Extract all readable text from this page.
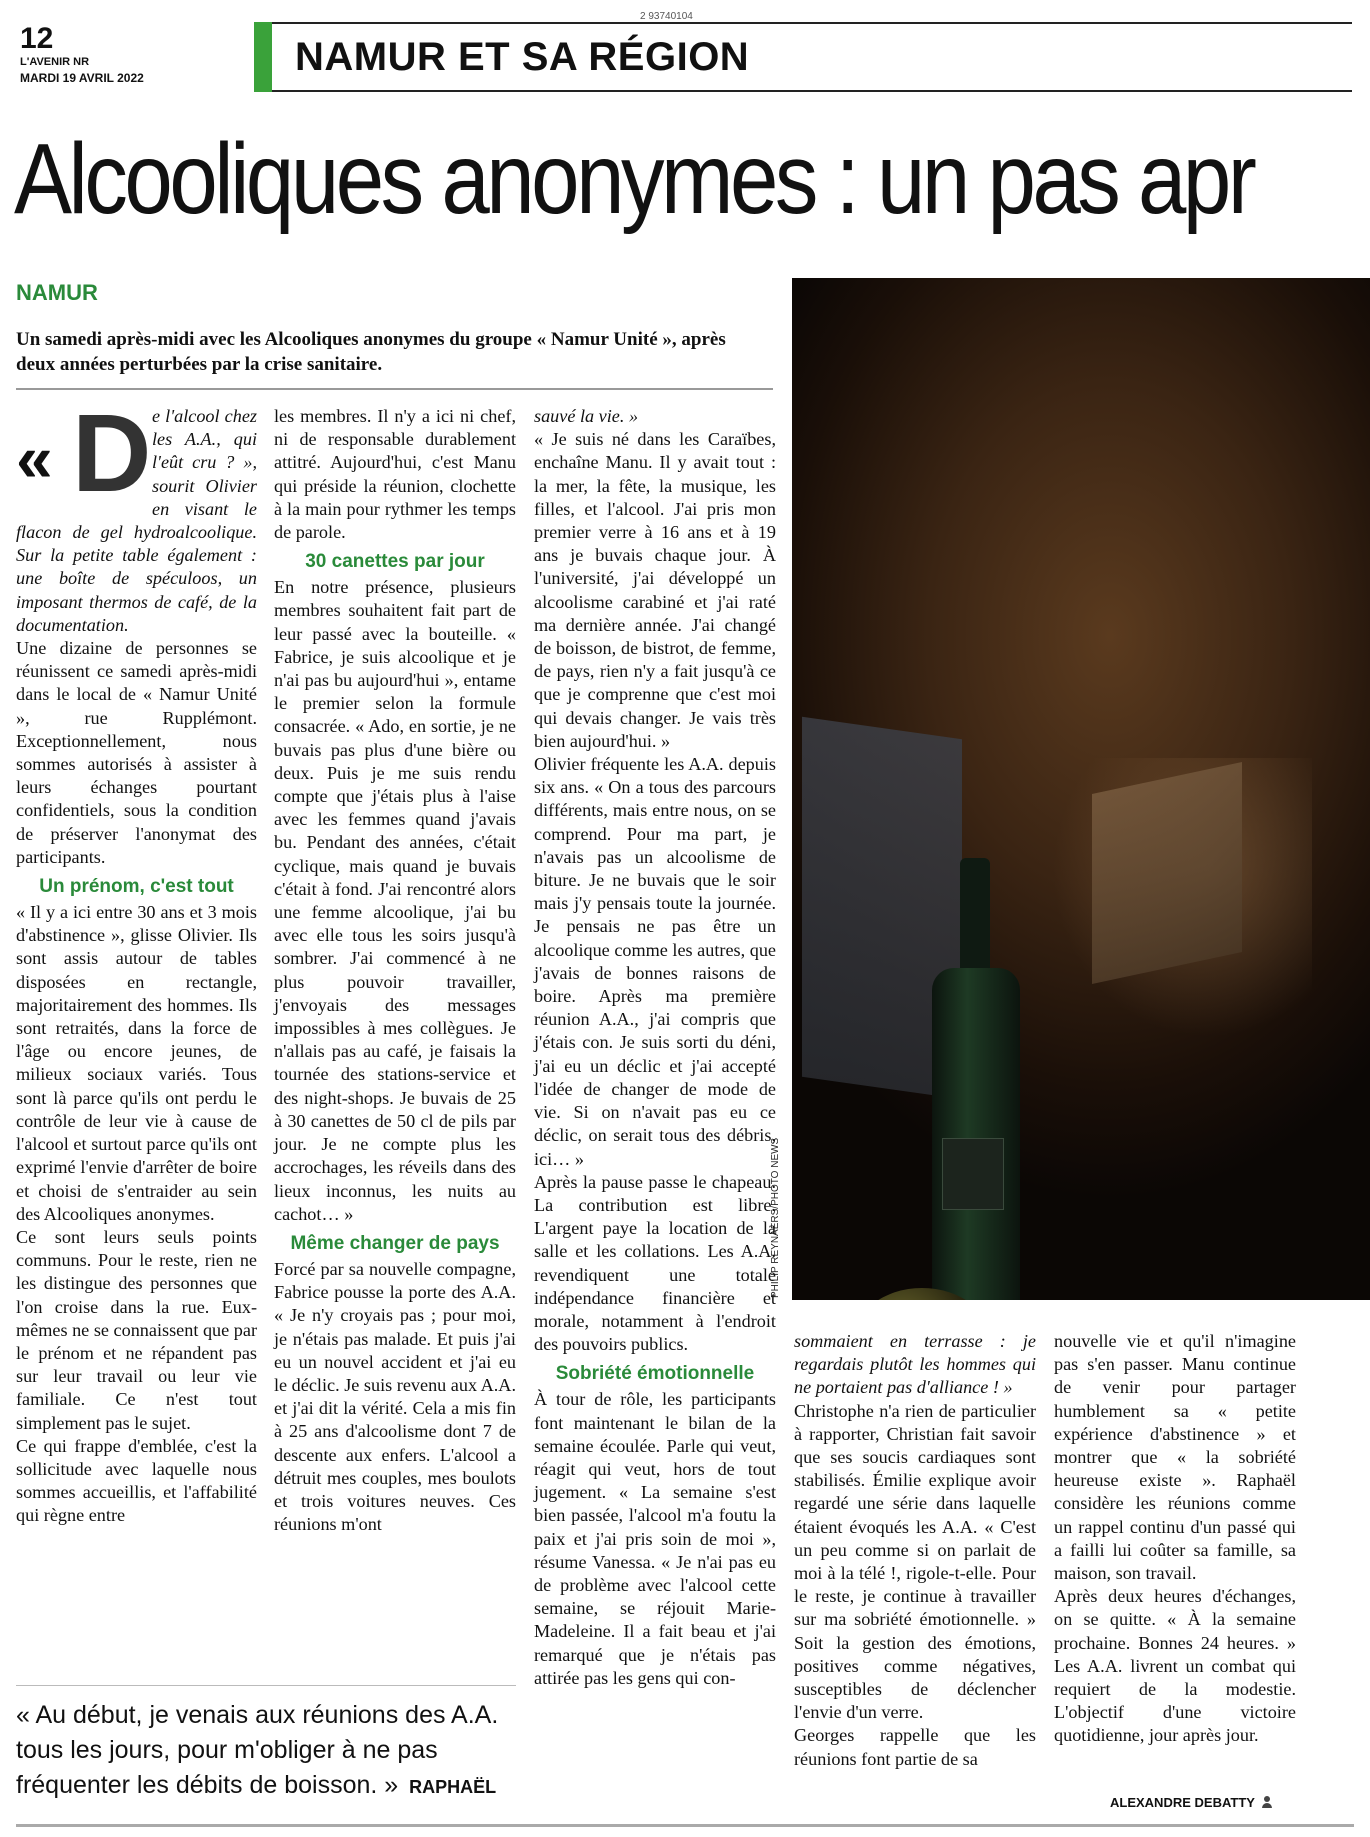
2 93740104
12
L'AVENIR NR
MARDI 19 AVRIL 2022	NAMUR ET SA RÉGION
Alcooliques anonymes : un pas apr
NAMUR
Un samedi après-midi avec les Alcooliques anonymes du groupe « Namur Unité », après deux années perturbées par la crise sanitaire.
PHILIP REYNAERS/PHOTO NEWS
« D e l'alcool chez les A.A., qui l'eût cru ? », sourit Olivier en visant le flacon de gel hydroalcoolique. Sur la petite table également : une boîte de spéculoos, un imposant thermos de café, de la documentation.

Une dizaine de personnes se réunissent ce samedi après-midi dans le local de « Namur Unité », rue Rupplémont. Exceptionnellement, nous sommes autorisés à assister à leurs échanges pourtant confidentiels, sous la condition de préserver l'anonymat des participants.

Un prénom, c'est tout

« Il y a ici entre 30 ans et 3 mois d'abstinence », glisse Olivier. Ils sont assis autour de tables disposées en rectangle, majoritairement des hommes. Ils sont retraités, dans la force de l'âge ou encore jeunes, de milieux sociaux variés. Tous sont là parce qu'ils ont perdu le contrôle de leur vie à cause de l'alcool et surtout parce qu'ils ont exprimé l'envie d'arrêter de boire et choisi de s'entraider au sein des Alcooliques anonymes.

Ce sont leurs seuls points communs. Pour le reste, rien ne les distingue des personnes que l'on croise dans la rue. Eux-mêmes ne se connaissent que par le prénom et ne répandent pas sur leur travail ou leur vie familiale. Ce n'est tout simplement pas le sujet.

Ce qui frappe d'emblée, c'est la sollicitude avec laquelle nous sommes accueillis, et l'affabilité qui règne entre

les membres. Il n'y a ici ni chef, ni de responsable durablement attitré. Aujourd'hui, c'est Manu qui préside la réunion, clochette à la main pour rythmer les temps de parole.

30 canettes par jour

En notre présence, plusieurs membres souhaitent fait part de leur passé avec la bouteille. « Fabrice, je suis alcoolique et je n'ai pas bu aujourd'hui », entame le premier selon la formule consacrée. « Ado, en sortie, je ne buvais pas plus d'une bière ou deux. Puis je me suis rendu compte que j'étais plus à l'aise avec les femmes quand j'avais bu. Pendant des années, c'était cyclique, mais quand je buvais c'était à fond. J'ai rencontré alors une femme alcoolique, j'ai bu avec elle tous les soirs jusqu'à sombrer. J'ai commencé à ne plus pouvoir travailler, j'envoyais des messages impossibles à mes collègues. Je n'allais pas au café, je faisais la tournée des stations-service et des night-shops. Je buvais de 25 à 30 canettes de 50 cl de pils par jour. Je ne compte plus les accrochages, les réveils dans des lieux inconnus, les nuits au cachot… »

Même changer de pays

Forcé par sa nouvelle compagne, Fabrice pousse la porte des A.A. « Je n'y croyais pas ; pour moi, je n'étais pas malade. Et puis j'ai eu un nouvel accident et j'ai eu le déclic. Je suis revenu aux A.A. et j'ai dit la vérité. Cela a mis fin à 25 ans d'alcoolisme dont 7 de descente aux enfers. L'alcool a détruit mes couples, mes boulots et trois voitures neuves. Ces réunions m'ont

sauvé la vie. »

« Je suis né dans les Caraïbes, enchaîne Manu. Il y avait tout : la mer, la fête, la musique, les filles, et l'alcool. J'ai pris mon premier verre à 16 ans et à 19 ans je buvais chaque jour. À l'université, j'ai développé un alcoolisme carabiné et j'ai raté ma dernière année. J'ai changé de boisson, de bistrot, de femme, de pays, rien n'y a fait jusqu'à ce que je comprenne que c'est moi qui devais changer. Je vais très bien aujourd'hui. »

Olivier fréquente les A.A. depuis six ans. « On a tous des parcours différents, mais entre nous, on se comprend. Pour ma part, je n'avais pas un alcoolisme de biture. Je ne buvais que le soir mais j'y pensais toute la journée. Je pensais ne pas être un alcoolique comme les autres, que j'avais de bonnes raisons de boire. Après ma première réunion A.A., j'ai compris que j'étais con. Je suis sorti du déni, j'ai eu un déclic et j'ai accepté l'idée de changer de mode de vie. Si on n'avait pas eu ce déclic, on serait tous des débris, ici… »

Après la pause passe le chapeau. La contribution est libre. L'argent paye la location de la salle et les collations. Les A.A. revendiquent une totale indépendance financière et morale, notamment à l'endroit des pouvoirs publics.

Sobriété émotionnelle

À tour de rôle, les participants font maintenant le bilan de la semaine écoulée. Parle qui veut, réagit qui veut, hors de tout jugement. « La semaine s'est bien passée, l'alcool m'a foutu la paix et j'ai pris soin de moi », résume Vanessa. « Je n'ai pas eu de problème avec l'alcool cette semaine, se réjouit Marie-Madeleine. Il a fait beau et j'ai remarqué que je n'étais pas attirée pas les gens qui con-

sommaient en terrasse : je regardais plutôt les hommes qui ne portaient pas d'alliance ! »

Christophe n'a rien de particulier à rapporter, Christian fait savoir que ses soucis cardiaques sont stabilisés. Émilie explique avoir regardé une série dans laquelle étaient évoqués les A.A. « C'est un peu comme si on parlait de moi à la télé !, rigole-t-elle. Pour le reste, je continue à travailler sur ma sobriété émotionnelle. » Soit la gestion des émotions, positives comme négatives, susceptibles de déclencher l'envie d'un verre.

Georges rappelle que les réunions font partie de sa

nouvelle vie et qu'il n'imagine pas s'en passer. Manu continue de venir pour partager humblement sa « petite expérience d'abstinence » et montrer que « la sobriété heureuse existe ». Raphaël considère les réunions comme un rappel continu d'un passé qui a failli lui coûter sa famille, sa maison, son travail.

Après deux heures d'échanges, on se quitte. « À la semaine prochaine. Bonnes 24 heures. » Les A.A. livrent un combat qui requiert de la modestie. L'objectif d'une victoire quotidienne, jour après jour.

ALEXANDRE DEBATTY
« Au début, je venais aux réunions des A.A. tous les jours, pour m'obliger à ne pas fréquenter les débits de boisson. » RAPHAËL
